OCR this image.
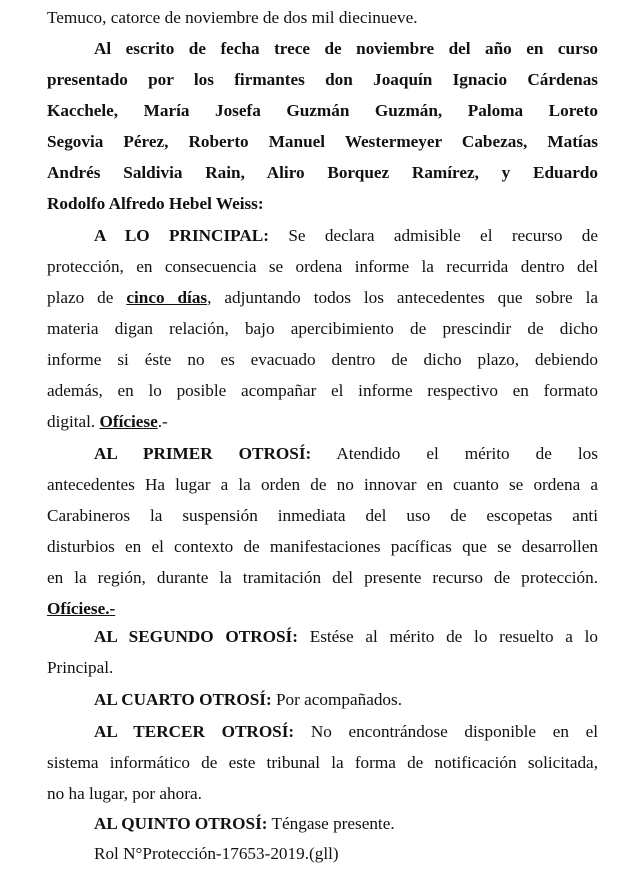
Temuco, catorce de noviembre de dos mil diecinueve.
Al escrito de fecha trece de noviembre del año en curso
presentado por los firmantes don Joaquín Ignacio Cárdenas
Kacchele, María Josefa Guzmán Guzmán, Paloma Loreto
Segovia Pérez, Roberto Manuel Westermeyer Cabezas, Matías
Andrés Saldivia Rain, Aliro Borquez Ramírez, y Eduardo
Rodolfo Alfredo Hebel Weiss:
A LO PRINCIPAL: Se declara admisible el recurso de
protección, en consecuencia se ordena informe la recurrida dentro del
plazo de cinco días, adjuntando todos los antecedentes que sobre la
materia digan relación, bajo apercibimiento de prescindir de dicho
informe si éste no es evacuado dentro de dicho plazo, debiendo
además, en lo posible acompañar el informe respectivo en formato
digital. Ofíciese.-
AL PRIMER OTROSÍ: Atendido el mérito de los
antecedentes Ha lugar a la orden de no innovar en cuanto se ordena a
Carabineros la suspensión inmediata del uso de escopetas anti
disturbios en el contexto de manifestaciones pacíficas que se desarrollen
en la región, durante la tramitación del presente recurso de protección.
Ofíciese.-
AL SEGUNDO OTROSÍ: Estése al mérito de lo resuelto a lo
Principal.
AL CUARTO OTROSÍ: Por acompañados.
AL TERCER OTROSÍ: No encontrándose disponible en el
sistema informático de este tribunal la forma de notificación solicitada,
no ha lugar, por ahora.
AL QUINTO OTROSÍ: Téngase presente.
Rol N°Protección-17653-2019.(gll)
